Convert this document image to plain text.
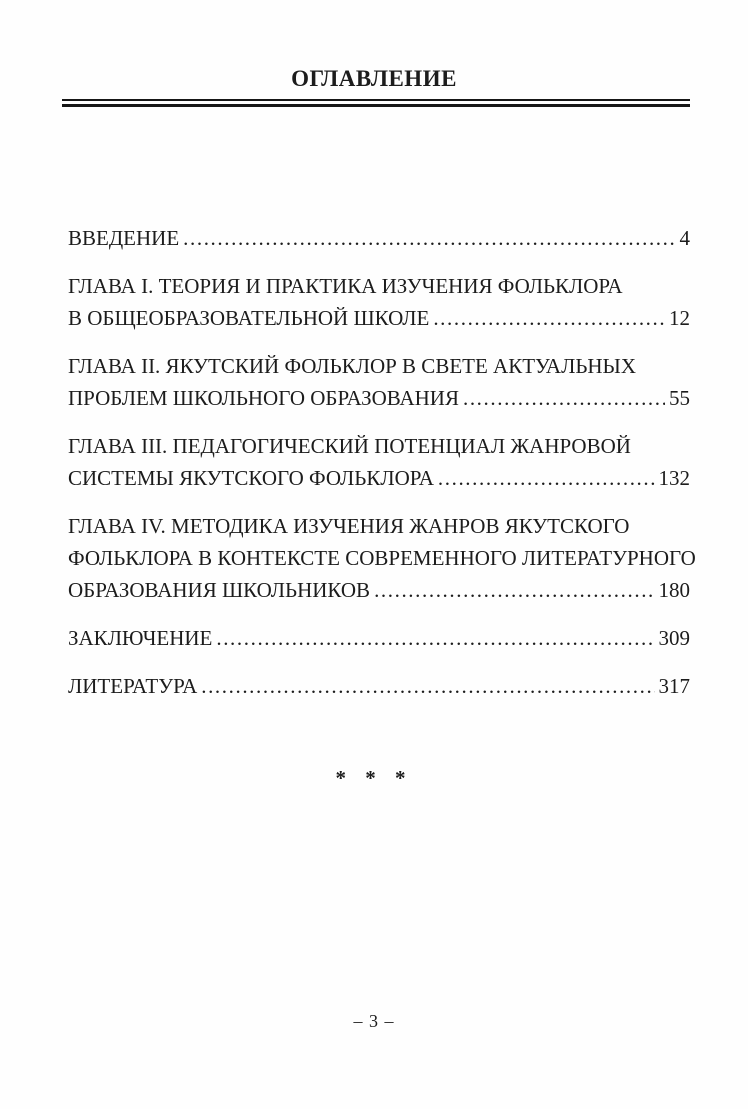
ОГЛАВЛЕНИЕ
ВВЕДЕНИЕ .....	4
ГЛАВА I. ТЕОРИЯ И ПРАКТИКА ИЗУЧЕНИЯ ФОЛЬКЛОРА
В ОБЩЕОБРАЗОВАТЕЛЬНОЙ ШКОЛЕ .....	12
ГЛАВА II. ЯКУТСКИЙ ФОЛЬКЛОР В СВЕТЕ АКТУАЛЬНЫХ
ПРОБЛЕМ ШКОЛЬНОГО ОБРАЗОВАНИЯ .....	55
ГЛАВА III. ПЕДАГОГИЧЕСКИЙ ПОТЕНЦИАЛ ЖАНРОВОЙ
СИСТЕМЫ ЯКУТСКОГО ФОЛЬКЛОРА .....	132
ГЛАВА IV. МЕТОДИКА ИЗУЧЕНИЯ ЖАНРОВ ЯКУТСКОГО
ФОЛЬКЛОРА В КОНТЕКСТЕ СОВРЕМЕННОГО ЛИТЕРАТУРНОГО
ОБРАЗОВАНИЯ ШКОЛЬНИКОВ .....	180
ЗАКЛЮЧЕНИЕ .....	309
ЛИТЕРАТУРА .....	317
* * *
– 3 –
